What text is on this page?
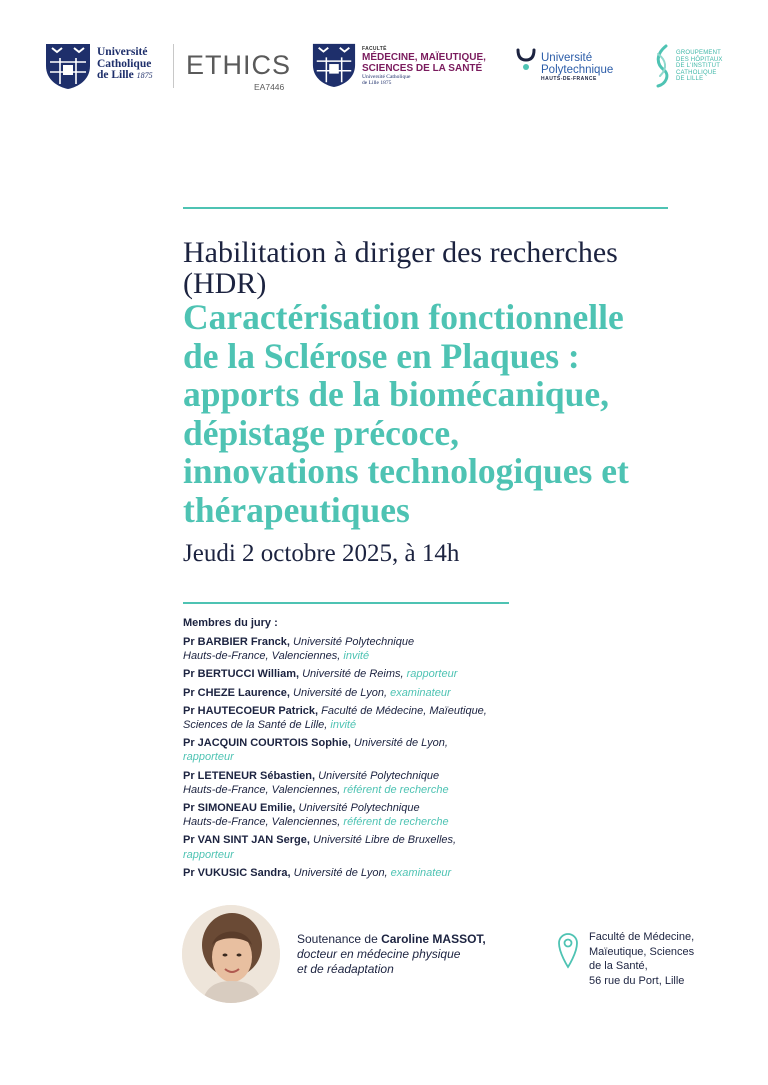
Université
Catholique
de Lille 1875 ETHICS
EA7446
FACULTÉ
MÉDECINE, MAÏEUTIQUE,
SCIENCES DE LA SANTÉ
Université Catholique
de Lille 1875
Université
Polytechnique
HAUTS-DE-FRANCE
GROUPEMENT
DES HÔPITAUX
DE L'INSTITUT
CATHOLIQUE
DE LILLE
Habilitation à diriger des recherches
(HDR)
Caractérisation fonctionnelle
de la Sclérose en Plaques :
apports de la biomécanique,
dépistage précoce,
innovations technologiques et
thérapeutiques
Jeudi 2 octobre 2025, à 14h
Membres du jury :
Pr BARBIER Franck, Université Polytechnique
Hauts-de-France, Valenciennes, invité
Pr BERTUCCI William, Université de Reims, rapporteur
Pr CHEZE Laurence, Université de Lyon, examinateur
Pr HAUTECOEUR Patrick, Faculté de Médecine, Maïeutique,
Sciences de la Santé de Lille, invité
Pr JACQUIN COURTOIS Sophie, Université de Lyon,
rapporteur
Pr LETENEUR Sébastien, Université Polytechnique
Hauts-de-France, Valenciennes, référent de recherche
Pr SIMONEAU Emilie, Université Polytechnique
Hauts-de-France, Valenciennes, référent de recherche
Pr VAN SINT JAN Serge, Université Libre de Bruxelles,
rapporteur
Pr VUKUSIC Sandra, Université de Lyon, examinateur
Soutenance de Caroline MASSOT,
docteur en médecine physique
et de réadaptation
Faculté de Médecine,
Maïeutique, Sciences
de la Santé,
56 rue du Port, Lille
